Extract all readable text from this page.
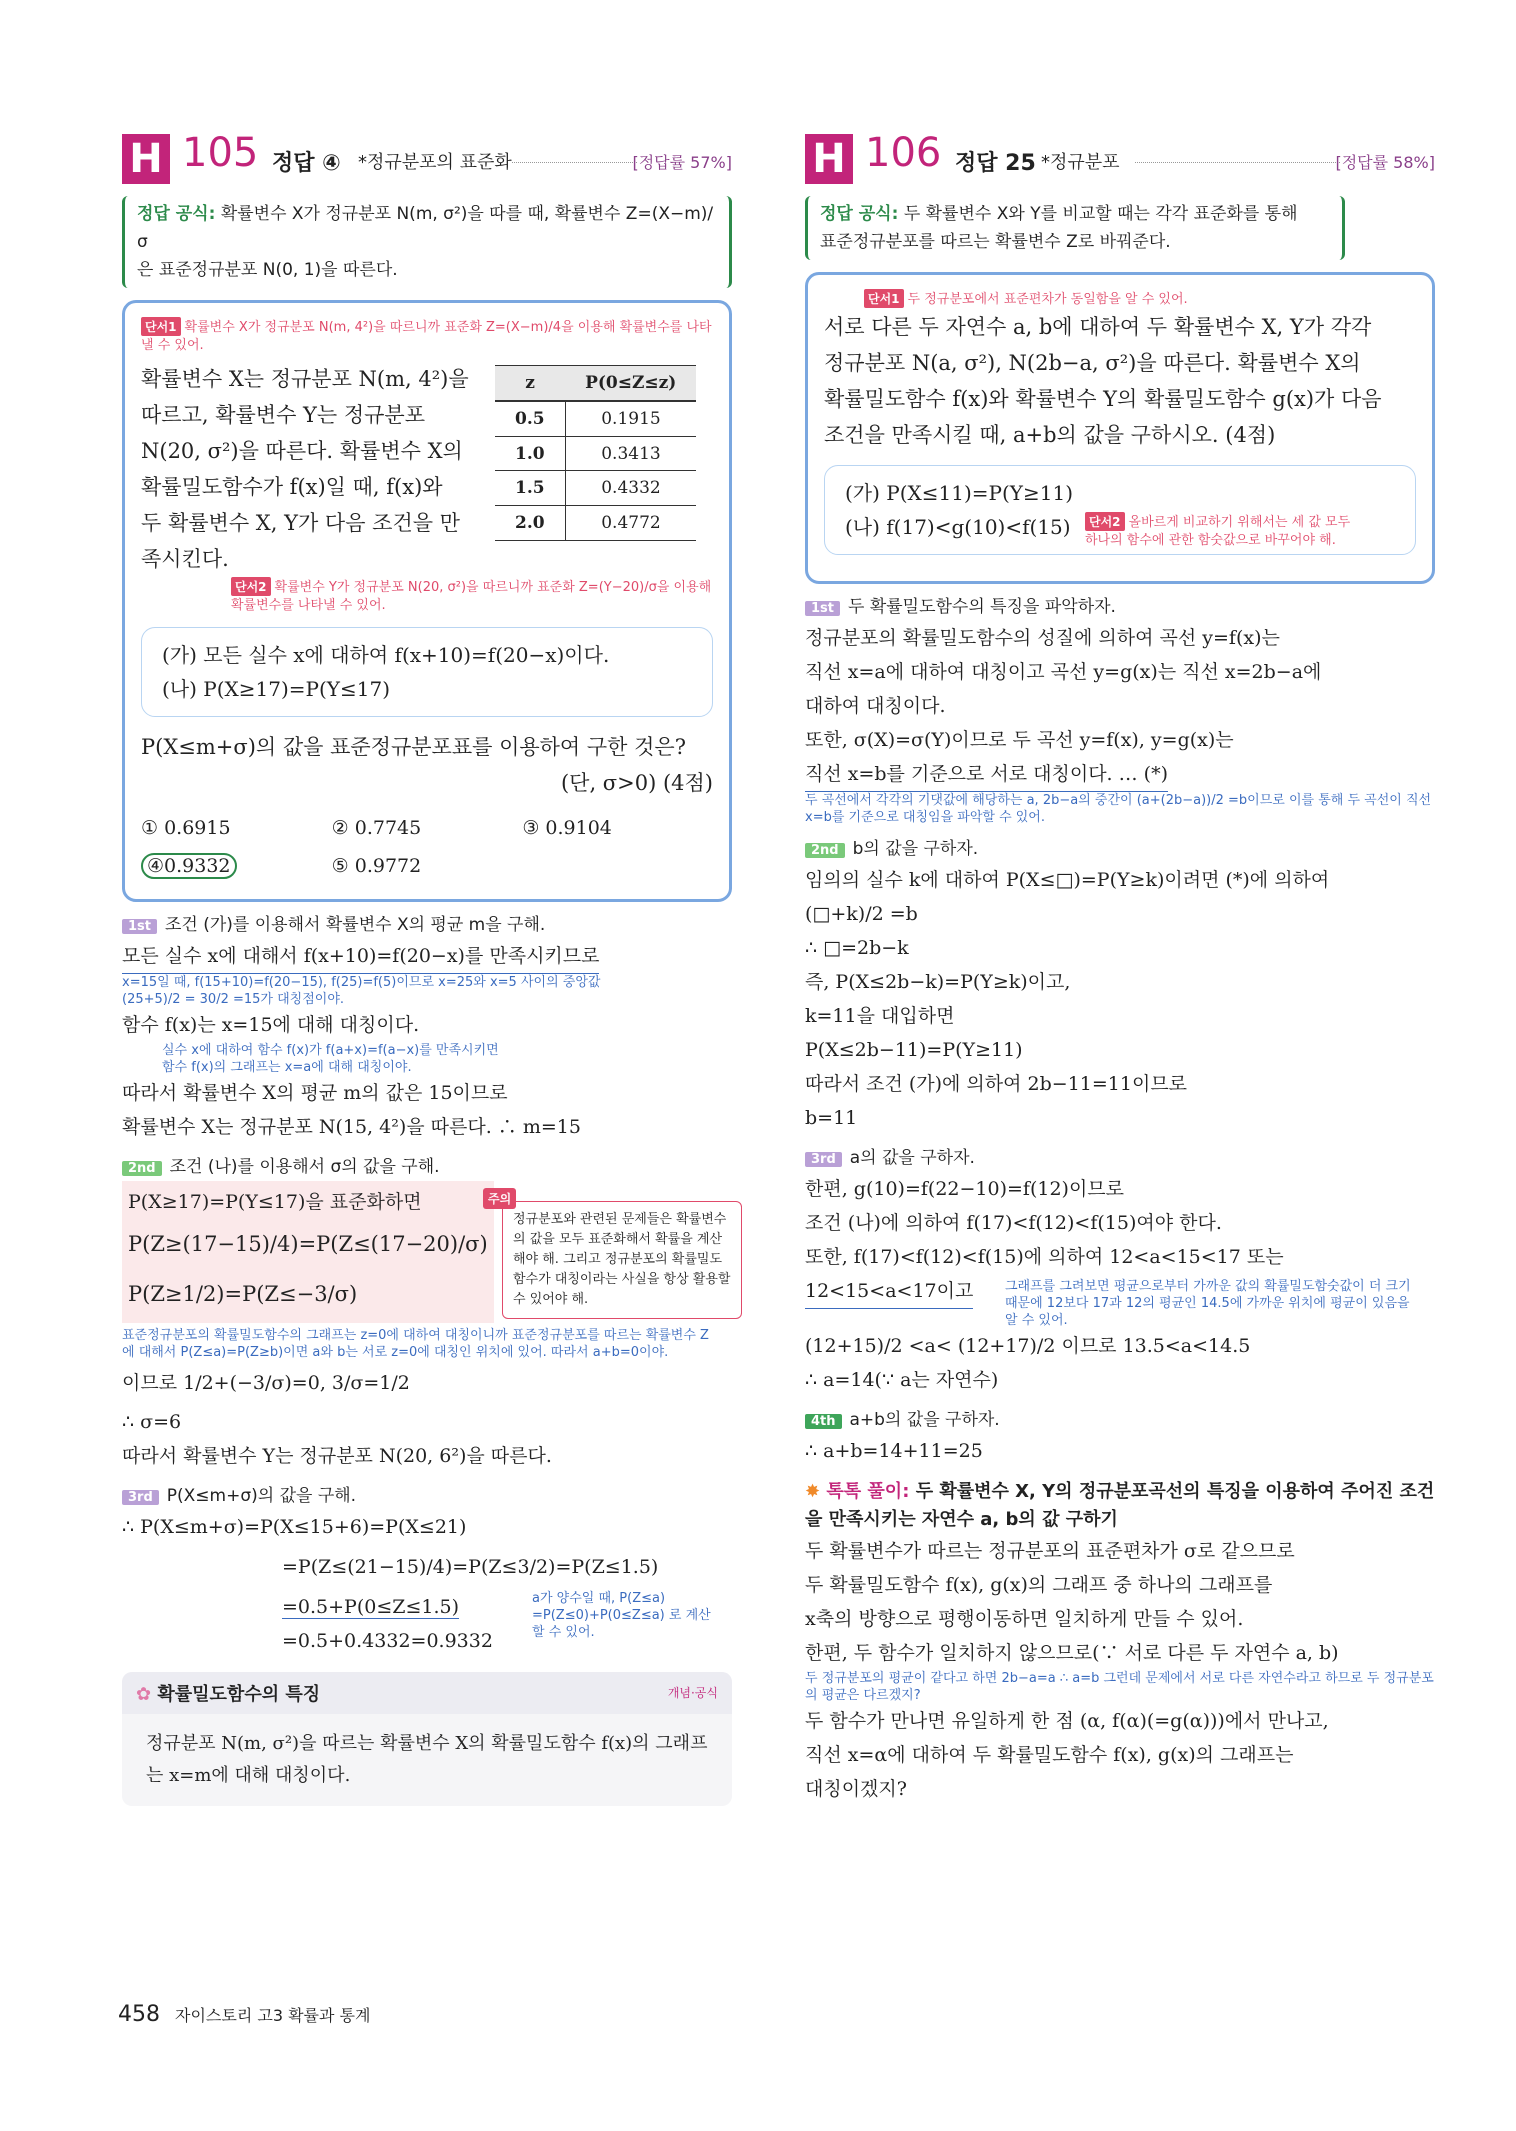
H 105 정답 ④ *정규분포의 표준화	[정답률 57%]
정답 공식: 확률변수 X가 정규분포 N(m, σ²)을 따를 때, 확률변수 Z=(X−m)/σ
은 표준정규분포 N(0, 1)을 따른다.
단서1 확률변수 X가 정규분포 N(m, 4²)을 따르니까 표준화 Z=(X−m)/4을 이용해 확률변수를 나타낼 수 있어.
확률변수 X는 정규분포 N(m, 4²)을
따르고, 확률변수 Y는 정규분포
N(20, σ²)을 따른다. 확률변수 X의
확률밀도함수가 f(x)일 때, f(x)와
두 확률변수 X, Y가 다음 조건을 만
족시킨다.
z	P(0≤Z≤z)
0.5	0.1915
1.0	0.3413
1.5	0.4332
2.0	0.4772
단서2 확률변수 Y가 정규분포 N(20, σ²)을 따르니까 표준화 Z=(Y−20)/σ을 이용해 확률변수를 나타낼 수 있어.
(가) 모든 실수 x에 대하여 f(x+10)=f(20−x)이다.
(나) P(X≥17)=P(Y≤17)
P(X≤m+σ)의 값을 표준정규분포표를 이용하여 구한 것은?
(단, σ>0) (4점)
① 0.6915	② 0.7745	③ 0.9104
④0.9332	⑤ 0.9772
1st 조건 (가)를 이용해서 확률변수 X의 평균 m을 구해.
모든 실수 x에 대해서 f(x+10)=f(20−x)를 만족시키므로
x=15일 때, f(15+10)=f(20−15), f(25)=f(5)이므로 x=25와 x=5 사이의 중앙값
(25+5)/2 = 30/2 =15가 대칭점이야.
함수 f(x)는 x=15에 대해 대칭이다.
실수 x에 대하여 함수 f(x)가 f(a+x)=f(a−x)를 만족시키면
함수 f(x)의 그래프는 x=a에 대해 대칭이야.
따라서 확률변수 X의 평균 m의 값은 15이므로
확률변수 X는 정규분포 N(15, 4²)을 따른다. ∴ m=15
2nd 조건 (나)를 이용해서 σ의 값을 구해.
P(X≥17)=P(Y≤17)을 표준화하면
P(Z≥(17−15)/4)=P(Z≤(17−20)/σ)
P(Z≥1/2)=P(Z≤−3/σ)
주의
정규분포와 관련된 문제들은 확률변수의 값을 모두 표준화해서 확률을 계산해야 해. 그리고 정규분포의 확률밀도함수가 대칭이라는 사실을 항상 활용할 수 있어야 해.
표준정규분포의 확률밀도함수의 그래프는 z=0에 대하여 대칭이니까 표준정규분포를 따르는 확률변수 Z에 대해서 P(Z≤a)=P(Z≥b)이면 a와 b는 서로 z=0에 대칭인 위치에 있어. 따라서 a+b=0이야.
이므로 1/2+(−3/σ)=0, 3/σ=1/2
∴ σ=6
따라서 확률변수 Y는 정규분포 N(20, 6²)을 따른다.
3rd P(X≤m+σ)의 값을 구해.
∴ P(X≤m+σ)=P(X≤15+6)=P(X≤21)
=P(Z≤(21−15)/4)=P(Z≤3/2)=P(Z≤1.5)
=0.5+P(0≤Z≤1.5)
=0.5+0.4332=0.9332
a가 양수일 때, P(Z≤a) =P(Z≤0)+P(0≤Z≤a) 로 계산할 수 있어.
✿ 확률밀도함수의 특징	개념·공식
정규분포 N(m, σ²)을 따르는 확률변수 X의 확률밀도함수 f(x)의 그래프는 x=m에 대해 대칭이다.
H 106 정답 25 *정규분포	[정답률 58%]
정답 공식: 두 확률변수 X와 Y를 비교할 때는 각각 표준화를 통해
표준정규분포를 따르는 확률변수 Z로 바꿔준다.
단서1 두 정규분포에서 표준편차가 동일함을 알 수 있어.
서로 다른 두 자연수 a, b에 대하여 두 확률변수 X, Y가 각각
정규분포 N(a, σ²), N(2b−a, σ²)을 따른다. 확률변수 X의
확률밀도함수 f(x)와 확률변수 Y의 확률밀도함수 g(x)가 다음
조건을 만족시킬 때, a+b의 값을 구하시오. (4점)
(가) P(X≤11)=P(Y≥11)
(나) f(17)<g(10)<f(15)	단서2 올바르게 비교하기 위해서는 세 값 모두 하나의 함수에 관한 함숫값으로 바꾸어야 해.
1st 두 확률밀도함수의 특징을 파악하자.
정규분포의 확률밀도함수의 성질에 의하여 곡선 y=f(x)는
직선 x=a에 대하여 대칭이고 곡선 y=g(x)는 직선 x=2b−a에
대하여 대칭이다.
또한, σ(X)=σ(Y)이므로 두 곡선 y=f(x), y=g(x)는
직선 x=b를 기준으로 서로 대칭이다. … (*)
두 곡선에서 각각의 기댓값에 해당하는 a, 2b−a의 중간이 (a+(2b−a))/2 =b이므로 이를 통해 두 곡선이 직선 x=b를 기준으로 대칭임을 파악할 수 있어.
2nd b의 값을 구하자.
임의의 실수 k에 대하여 P(X≤□)=P(Y≥k)이려면 (*)에 의하여
(□+k)/2 =b
∴ □=2b−k
즉, P(X≤2b−k)=P(Y≥k)이고,
k=11을 대입하면
P(X≤2b−11)=P(Y≥11)
따라서 조건 (가)에 의하여 2b−11=11이므로
b=11
3rd a의 값을 구하자.
한편, g(10)=f(22−10)=f(12)이므로
조건 (나)에 의하여 f(17)<f(12)<f(15)여야 한다.
또한, f(17)<f(12)<f(15)에 의하여 12<a<15<17 또는
12<15<a<17이고 그래프를 그려보면 평균으로부터 가까운 값의 확률밀도함숫값이 더 크기 때문에 12보다 17과 12의 평균인 14.5에 가까운 위치에 평균이 있음을 알 수 있어.
(12+15)/2 <a< (12+17)/2 이므로 13.5<a<14.5
∴ a=14(∵ a는 자연수)
4th a+b의 값을 구하자.
∴ a+b=14+11=25
✸ 톡톡 풀이: 두 확률변수 X, Y의 정규분포곡선의 특징을 이용하여 주어진 조건을 만족시키는 자연수 a, b의 값 구하기
두 확률변수가 따르는 정규분포의 표준편차가 σ로 같으므로
두 확률밀도함수 f(x), g(x)의 그래프 중 하나의 그래프를
x축의 방향으로 평행이동하면 일치하게 만들 수 있어.
한편, 두 함수가 일치하지 않으므로(∵ 서로 다른 두 자연수 a, b)
두 정규분포의 평균이 같다고 하면 2b−a=a ∴ a=b 그런데 문제에서 서로 다른 자연수라고 하므로 두 정규분포의 평균은 다르겠지?
두 함수가 만나면 유일하게 한 점 (α, f(α)(=g(α)))에서 만나고,
직선 x=α에 대하여 두 확률밀도함수 f(x), g(x)의 그래프는
대칭이겠지?
458 자이스토리 고3 확률과 통계
